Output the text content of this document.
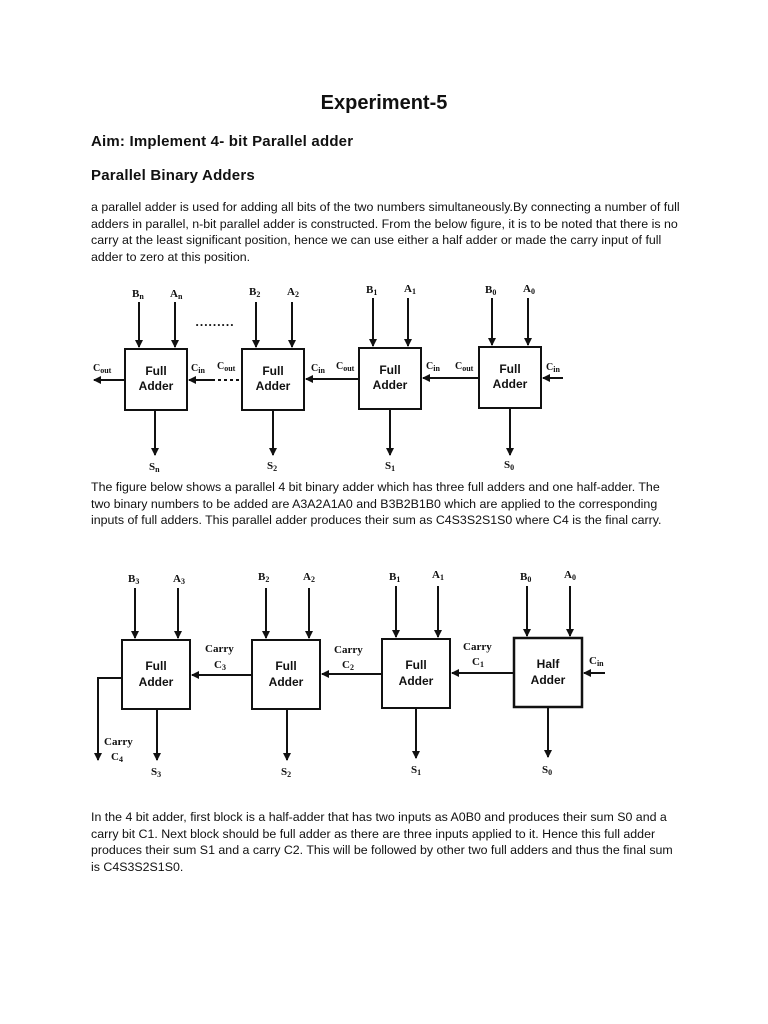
Experiment-5
Aim: Implement 4- bit Parallel adder
Parallel Binary Adders
a parallel adder is used for adding all bits of the two numbers simultaneously.By connecting a number of full adders in parallel, n-bit parallel adder is constructed. From the below figure, it is to be noted that there is no carry at the least significant position, hence we can use either a half adder or made the carry input of full adder to zero at this position.
Full
Adder
Full
Adder
Full
Adder
Full
Adder
Bn An	B2 A2	B1 A1	B0 A0
………
$C_{out}$	$C_{in}$ $C_{out}$	$C_{in}$ $C_{out}$	$C_{in}$ $C_{out}$	$C_{in}$
Sn	S2	S1	S0
The figure below shows a parallel 4 bit binary adder which has three full adders and one half-adder. The two binary numbers to be added are A3A2A1A0 and B3B2B1B0 which are applied to the corresponding inputs of full adders. This parallel adder produces their sum as C4S3S2S1S0 where C4 is the final carry.
Full
Adder
Full
Adder
Full
Adder
Half
Adder
B3	A3	B2	A2	B1	A1	B0	A0
Carry
C3
Carry
C2
Carry
C1
Carry
C4
Cin
S3	S2	S1	S0
In the 4 bit adder, first block is a half-adder that has two inputs as A0B0 and produces their sum S0 and a carry bit C1. Next block should be full adder as there are three inputs applied to it. Hence this full adder produces their sum S1 and a carry C2. This will be followed by other two full adders and thus the final sum is C4S3S2S1S0.
